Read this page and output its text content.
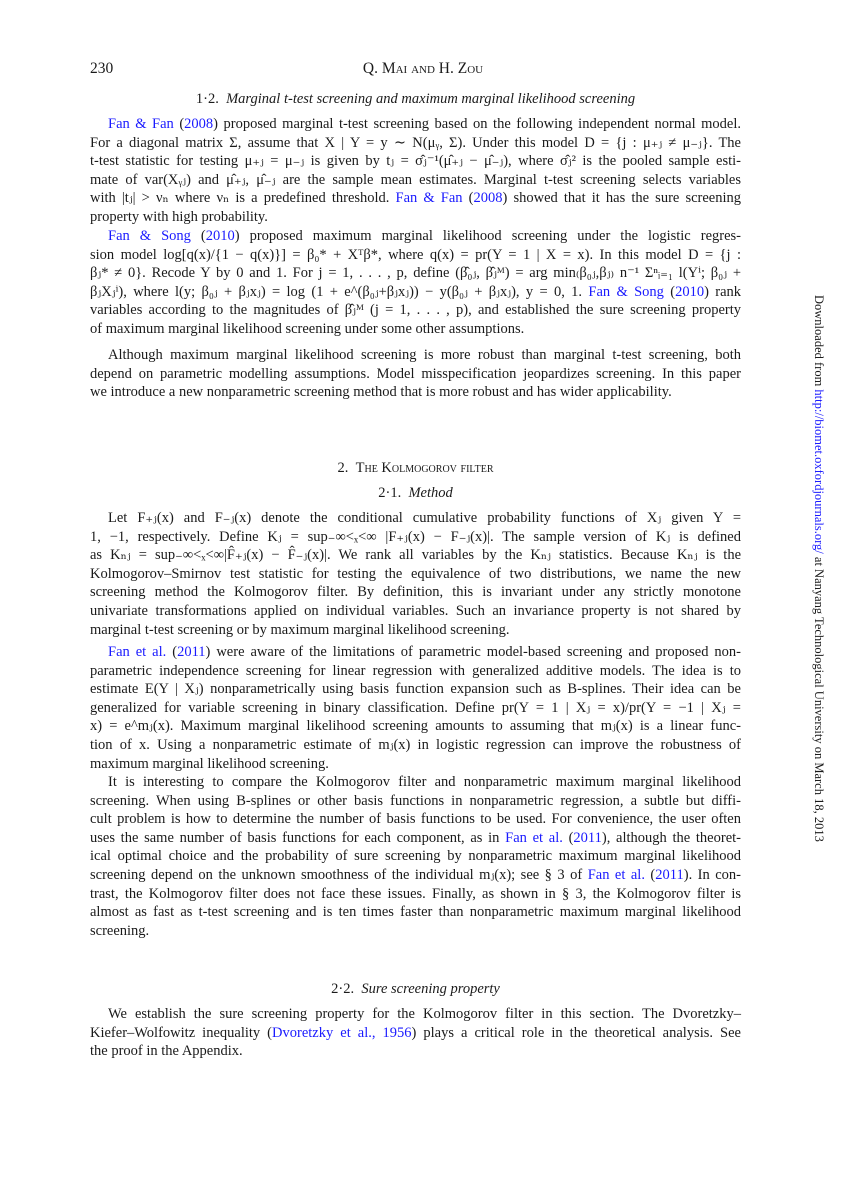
230	Q. Mai and H. Zou
Downloaded from http://biomet.oxfordjournals.org/ at Nanyang Technological University on March 18, 2013
1·2. Marginal t-test screening and maximum marginal likelihood screening
2. The Kolmogorov filter
2·1. Method
2·2. Sure screening property
Fan & Fan (2008) proposed marginal t-test screening based on the following independent normal model.
For a diagonal matrix Σ, assume that X | Y = y ∼ N(μᵧ, Σ). Under this model D = {j : μ₊ⱼ ≠ μ₋ⱼ}. The
t-test statistic for testing μ₊ⱼ = μ₋ⱼ is given by tⱼ = σ̂ⱼ⁻¹(μ̂₊ⱼ − μ̂₋ⱼ), where σ̂ⱼ² is the pooled sample esti-
mate of var(Xᵧⱼ) and μ̂₊ⱼ, μ̂₋ⱼ are the sample mean estimates. Marginal t-test screening selects variables
with |tⱼ| > νₙ where νₙ is a predefined threshold. Fan & Fan (2008) showed that it has the sure screening
property with high probability.
Fan & Song (2010) proposed maximum marginal likelihood screening under the logistic regres-
sion model log[q(x)/{1 − q(x)}] = β₀* + Xᵀβ*, where q(x) = pr(Y = 1 | X = x). In this model D = {j :
βⱼ* ≠ 0}. Recode Y by 0 and 1. For j = 1, . . . , p, define (β̂₀ⱼ, β̂ⱼᴹ) = arg min₍β₀ⱼ,βⱼ₎ n⁻¹ Σⁿᵢ₌₁ l(Yⁱ; β₀ⱼ +
βⱼXⱼⁱ), where l(y; β₀ⱼ + βⱼxⱼ) = log (1 + e^(β₀ⱼ+βⱼxⱼ)) − y(β₀ⱼ + βⱼxⱼ), y = 0, 1. Fan & Song (2010) rank
variables according to the magnitudes of β̂ⱼᴹ (j = 1, . . . , p), and established the sure screening property
of maximum marginal likelihood screening under some other assumptions.
Although maximum marginal likelihood screening is more robust than marginal t-test screening, both
depend on parametric modelling assumptions. Model misspecification jeopardizes screening. In this paper
we introduce a new nonparametric screening method that is more robust and has wider applicability.
Let F₊ⱼ(x) and F₋ⱼ(x) denote the conditional cumulative probability functions of Xⱼ given Y =
1, −1, respectively. Define Kⱼ = sup₋∞<ₓ<∞ |F₊ⱼ(x) − F₋ⱼ(x)|. The sample version of Kⱼ is defined
as Kₙⱼ = sup₋∞<ₓ<∞|F̂₊ⱼ(x) − F̂₋ⱼ(x)|. We rank all variables by the Kₙⱼ statistics. Because Kₙⱼ is the
Kolmogorov–Smirnov test statistic for testing the equivalence of two distributions, we name the new
screening method the Kolmogorov filter. By definition, this is invariant under any strictly monotone
univariate transformations applied on individual variables. Such an invariance property is not shared by
marginal t-test screening or by maximum marginal likelihood screening.
Fan et al. (2011) were aware of the limitations of parametric model-based screening and proposed non-
parametric independence screening for linear regression with generalized additive models. The idea is to
estimate E(Y | Xⱼ) nonparametrically using basis function expansion such as B-splines. Their idea can be
generalized for variable screening in binary classification. Define pr(Y = 1 | Xⱼ = x)/pr(Y = −1 | Xⱼ =
x) = e^mⱼ(x). Maximum marginal likelihood screening amounts to assuming that mⱼ(x) is a linear func-
tion of x. Using a nonparametric estimate of mⱼ(x) in logistic regression can improve the robustness of
maximum marginal likelihood screening.
It is interesting to compare the Kolmogorov filter and nonparametric maximum marginal likelihood
screening. When using B-splines or other basis functions in nonparametric regression, a subtle but diffi-
cult problem is how to determine the number of basis functions to be used. For convenience, the user often
uses the same number of basis functions for each component, as in Fan et al. (2011), although the theoret-
ical optimal choice and the probability of sure screening by nonparametric maximum marginal likelihood
screening depend on the unknown smoothness of the individual mⱼ(x); see § 3 of Fan et al. (2011). In con-
trast, the Kolmogorov filter does not face these issues. Finally, as shown in § 3, the Kolmogorov filter is
almost as fast as t-test screening and is ten times faster than nonparametric maximum marginal likelihood
screening.
We establish the sure screening property for the Kolmogorov filter in this section. The Dvoretzky–
Kiefer–Wolfowitz inequality (Dvoretzky et al., 1956) plays a critical role in the theoretical analysis. See
the proof in the Appendix.
